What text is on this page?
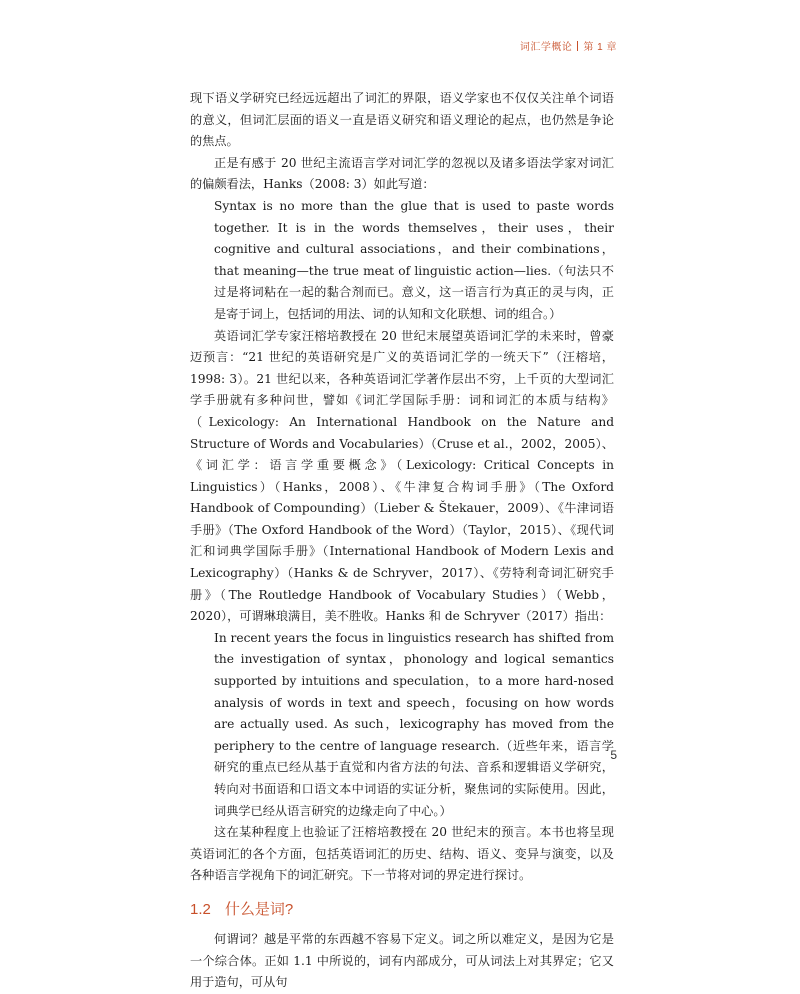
词汇学概论 第 1 章

现下语义学研究已经远远超出了词汇的界限，语义学家也不仅仅关注单个词语的意义，但词汇层面的语义一直是语义研究和语义理论的起点，也仍然是争论的焦点。

正是有感于 20 世纪主流语言学对词汇学的忽视以及诸多语法学家对词汇的偏颇看法，Hanks（2008: 3）如此写道：

Syntax is no more than the glue that is used to paste words together. It is in the words themselves，their uses，their cognitive and cultural associations，and their combinations，that meaning—the true meat of linguistic action—lies.（句法只不过是将词粘在一起的黏合剂而已。意义，这一语言行为真正的灵与肉，正是寄于词上，包括词的用法、词的认知和文化联想、词的组合。）

英语词汇学专家汪榕培教授在 20 世纪末展望英语词汇学的未来时，曾豪迈预言：“21 世纪的英语研究是广义的英语词汇学的一统天下”（汪榕培，1998: 3）。21 世纪以来，各种英语词汇学著作层出不穷，上千页的大型词汇学手册就有多种问世，譬如《词汇学国际手册：词和词汇的本质与结构》（Lexicology: An International Handbook on the Nature and Structure of Words and Vocabularies）（Cruse et al.，2002，2005）、《词汇学：语言学重要概念》（Lexicology: Critical Concepts in Linguistics）（Hanks，2008）、《牛津复合构词手册》（The Oxford Handbook of Compounding）（Lieber & Štekauer，2009）、《牛津词语手册》（The Oxford Handbook of the Word）（Taylor，2015）、《现代词汇和词典学国际手册》（International Handbook of Modern Lexis and Lexicography）（Hanks & de Schryver，2017）、《劳特利奇词汇研究手册》（The Routledge Handbook of Vocabulary Studies）（Webb，2020），可谓琳琅满目，美不胜收。Hanks 和 de Schryver（2017）指出：

In recent years the focus in linguistics research has shifted from the investigation of syntax，phonology and logical semantics supported by intuitions and speculation，to a more hard-nosed analysis of words in text and speech，focusing on how words are actually used. As such，lexicography has moved from the periphery to the centre of language research.（近些年来，语言学研究的重点已经从基于直觉和内省方法的句法、音系和逻辑语义学研究，转向对书面语和口语文本中词语的实证分析，聚焦词的实际使用。因此，词典学已经从语言研究的边缘走向了中心。）

这在某种程度上也验证了汪榕培教授在 20 世纪末的预言。本书也将呈现英语词汇的各个方面，包括英语词汇的历史、结构、语义、变异与演变，以及各种语言学视角下的词汇研究。下一节将对词的界定进行探讨。

1.2 什么是词?

何谓词？越是平常的东西越不容易下定义。词之所以难定义，是因为它是一个综合体。正如 1.1 中所说的，词有内部成分，可从词法上对其界定；它又用于造句，可从句

5
